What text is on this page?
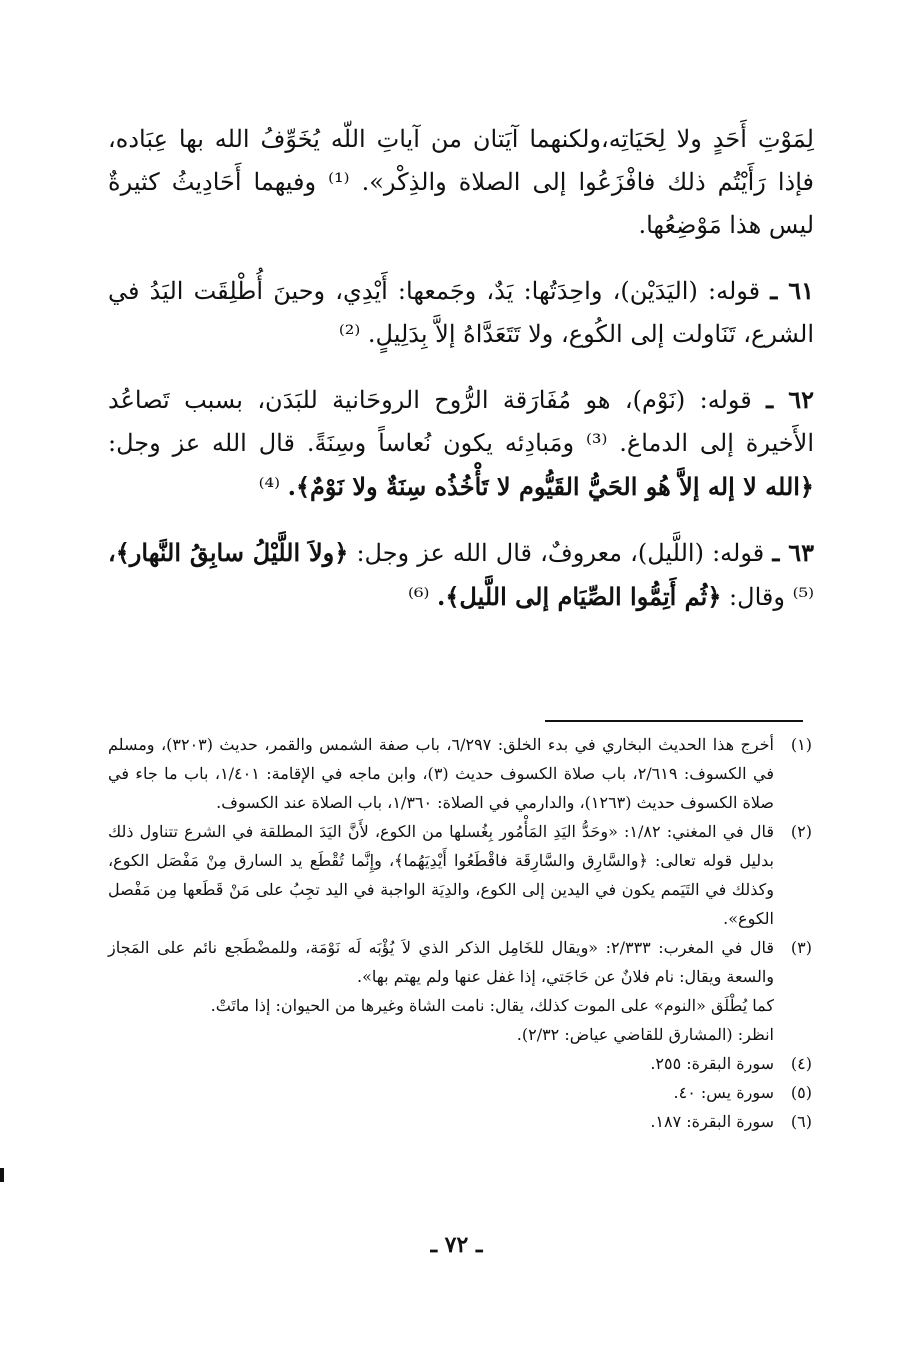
لِمَوْتِ أَحَدٍ ولا لِحَيَاتِه،ولكنهما آيَتان من آياتِ اللّه يُخَوِّفُ الله بها عِبَاده، فإذا رَأَيْتُم ذلك فافْزَعُوا إلى الصلاة والذِكْر». ⁽¹⁾ وفيهما أَحَادِيثُ كثيرةٌ ليس هذا مَوْضِعُها.

٦١ ـ قوله: (اليَدَيْن)، واحِدَتُها: يَدٌ، وجَمعها: أَيْدِي، وحينَ أُطْلِقَت اليَدُ في الشرع، تَنَاولت إلى الكُوع، ولا تَتَعَدَّاهُ إلاَّ بِدَلِيلٍ. ⁽²⁾

٦٢ ـ قوله: (نَوْم)، هو مُفَارَقة الرُّوح الروحَانية للبَدَن، بسبب تَصاعُد الأَخيرة إلى الدماغ. ⁽³⁾ ومَبادِئه يكون نُعاساً وسِنَةً. قال الله عز وجل: ﴿الله لا إله إلاَّ هُو الحَيُّ القَيُّوم لا تَأْخُذُه سِنَةٌ ولا نَوْمٌ﴾. ⁽⁴⁾

٦٣ ـ قوله: (اللَّيل)، معروفٌ، قال الله عز وجل: ﴿ولاَ اللَّيْلُ سابِقُ النَّهار﴾، ⁽⁵⁾ وقال: ﴿ثُم أَتِمُّوا الصِّيَام إلى اللَّيل﴾. ⁽⁶⁾

(١)
أخرج هذا الحديث البخاري في بدء الخلق: ٦/٢٩٧، باب صفة الشمس والقمر، حديث (٣٢٠٣)، ومسلم في الكسوف: ٢/٦١٩، باب صلاة الكسوف حديث (٣)، وابن ماجه في الإقامة: ١/٤٠١، باب ما جاء في صلاة الكسوف حديث (١٢٦٣)، والدارمي في الصلاة: ١/٣٦٠، باب الصلاة عند الكسوف.
(٢)
قال في المغني: ١/٨٢: «وحَدُّ اليَدِ المَأْمُور بِغُسلها من الكوع، لأَنَّ اليَدَ المطلقة في الشرع تتناول ذلك بدليل قوله تعالى: ﴿والسَّارِق والسَّارِقَة فاقْطَعُوا أَيْدِيَهُما﴾، وإِنَّما تُقْطَع يد السارق مِنْ مَفْصَل الكوع، وكذلك في التَيَمم يكون في اليدين إلى الكوع، والدِيَة الواجبة في اليد تجِبُ على مَنْ قَطَعها مِن مَفْصل الكوع».
(٣)
قال في المغرب: ٢/٣٣٣: «ويقال للخَامِل الذكر الذي لاَ يُؤْبَه لَه نَوْمَة، وللمضْطَجع نائم على المَجاز والسعة ويقال: نام فلانٌ عن حَاجَتي، إذا غفل عنها ولم يهتم بها».
كما يُطْلَق «النوم» على الموت كذلك، يقال: نامت الشاة وغيرها من الحيوان: إذا ماتَتْ.
انظر: (المشارق للقاضي عياض: ٢/٣٢).
(٤)
سورة البقرة: ٢٥٥.
(٥)
سورة يس: ٤٠.
(٦)
سورة البقرة: ١٨٧.
ـ ٧٢ ـ
